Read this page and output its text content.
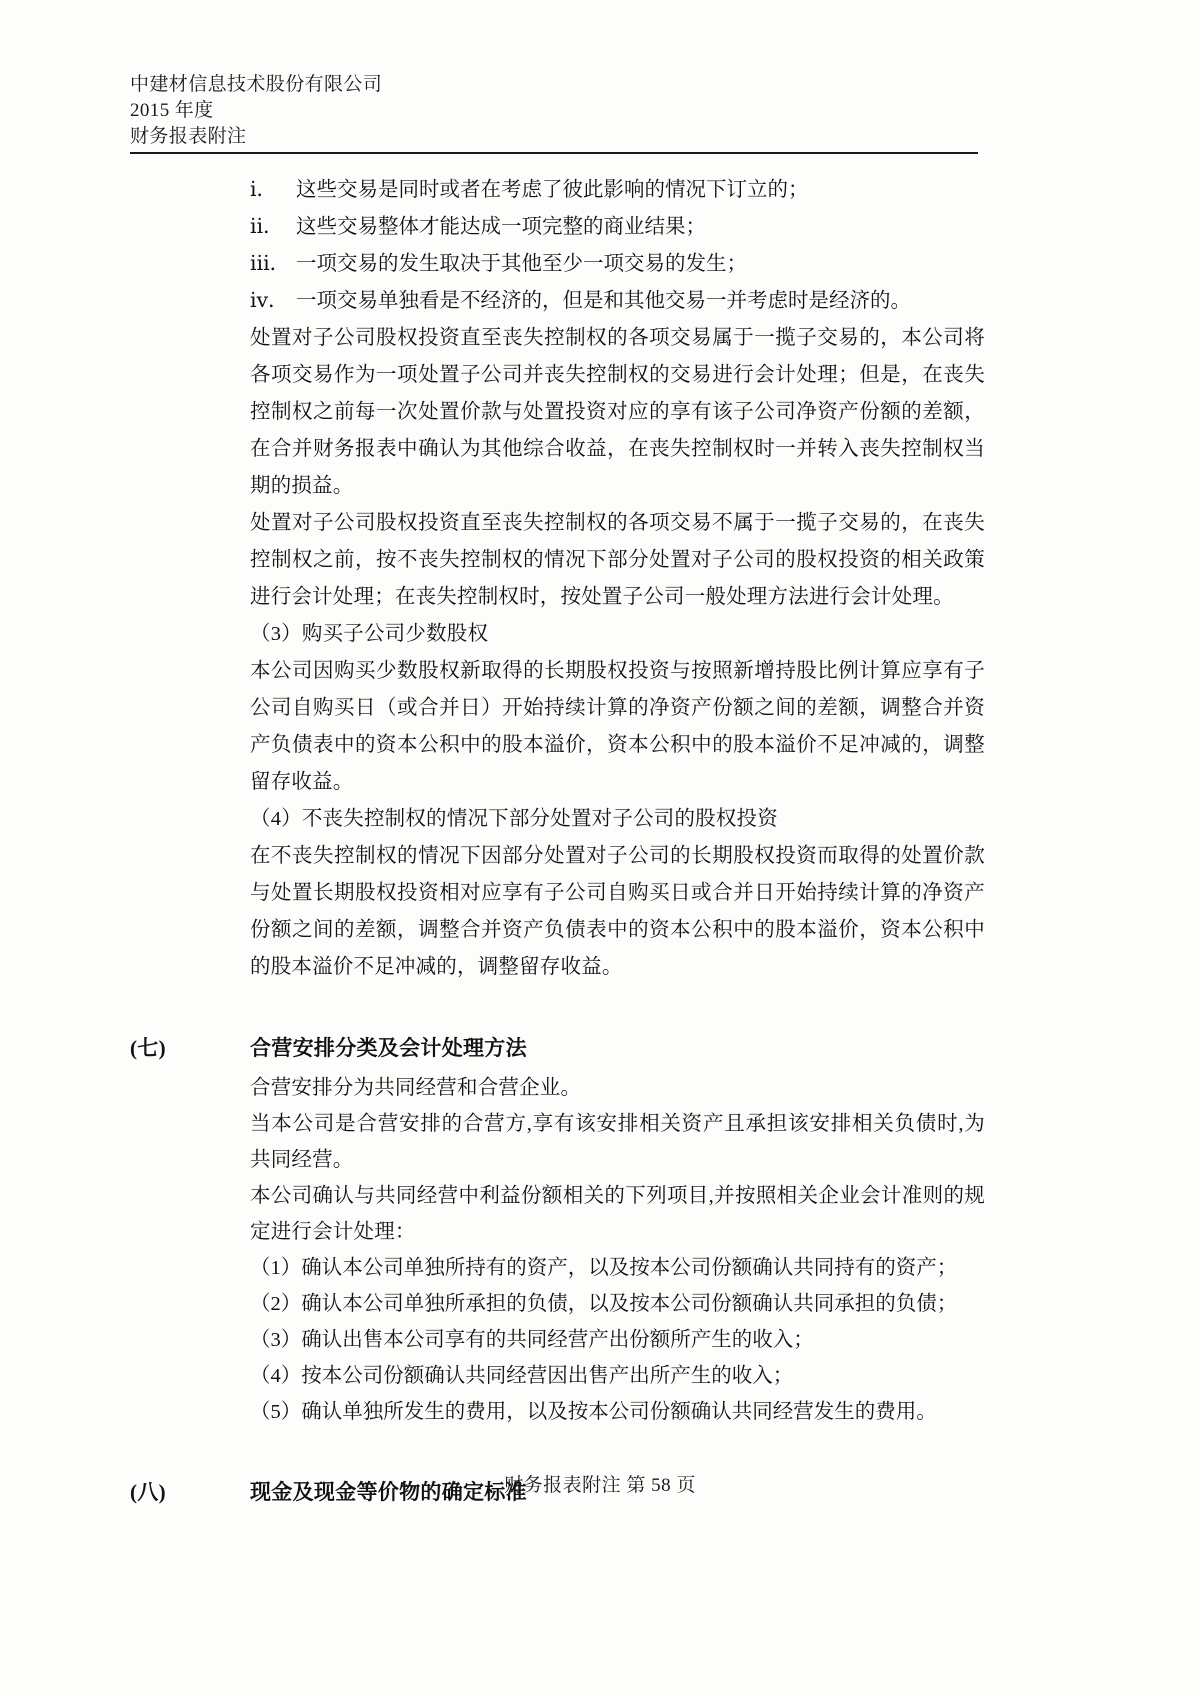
中建材信息技术股份有限公司
2015 年度
财务报表附注

ⅰ． 这些交易是同时或者在考虑了彼此影响的情况下订立的；

ⅱ． 这些交易整体才能达成一项完整的商业结果；

ⅲ． 一项交易的发生取决于其他至少一项交易的发生；

ⅳ． 一项交易单独看是不经济的，但是和其他交易一并考虑时是经济的。

处置对子公司股权投资直至丧失控制权的各项交易属于一揽子交易的，本公司将各项交易作为一项处置子公司并丧失控制权的交易进行会计处理；但是，在丧失控制权之前每一次处置价款与处置投资对应的享有该子公司净资产份额的差额，在合并财务报表中确认为其他综合收益，在丧失控制权时一并转入丧失控制权当期的损益。

处置对子公司股权投资直至丧失控制权的各项交易不属于一揽子交易的，在丧失控制权之前，按不丧失控制权的情况下部分处置对子公司的股权投资的相关政策进行会计处理；在丧失控制权时，按处置子公司一般处理方法进行会计处理。

（3）购买子公司少数股权

本公司因购买少数股权新取得的长期股权投资与按照新增持股比例计算应享有子公司自购买日（或合并日）开始持续计算的净资产份额之间的差额，调整合并资产负债表中的资本公积中的股本溢价，资本公积中的股本溢价不足冲减的，调整留存收益。

（4）不丧失控制权的情况下部分处置对子公司的股权投资

在不丧失控制权的情况下因部分处置对子公司的长期股权投资而取得的处置价款与处置长期股权投资相对应享有子公司自购买日或合并日开始持续计算的净资产份额之间的差额，调整合并资产负债表中的资本公积中的股本溢价，资本公积中的股本溢价不足冲减的，调整留存收益。

(七)	合营安排分类及会计处理方法

合营安排分为共同经营和合营企业。

当本公司是合营安排的合营方,享有该安排相关资产且承担该安排相关负债时,为共同经营。

本公司确认与共同经营中利益份额相关的下列项目,并按照相关企业会计准则的规定进行会计处理：

（1）确认本公司单独所持有的资产，以及按本公司份额确认共同持有的资产；

（2）确认本公司单独所承担的负债，以及按本公司份额确认共同承担的负债；

（3）确认出售本公司享有的共同经营产出份额所产生的收入；

（4）按本公司份额确认共同经营因出售产出所产生的收入；

（5）确认单独所发生的费用，以及按本公司份额确认共同经营发生的费用。

(八)	现金及现金等价物的确定标准
财务报表附注 第 58 页
